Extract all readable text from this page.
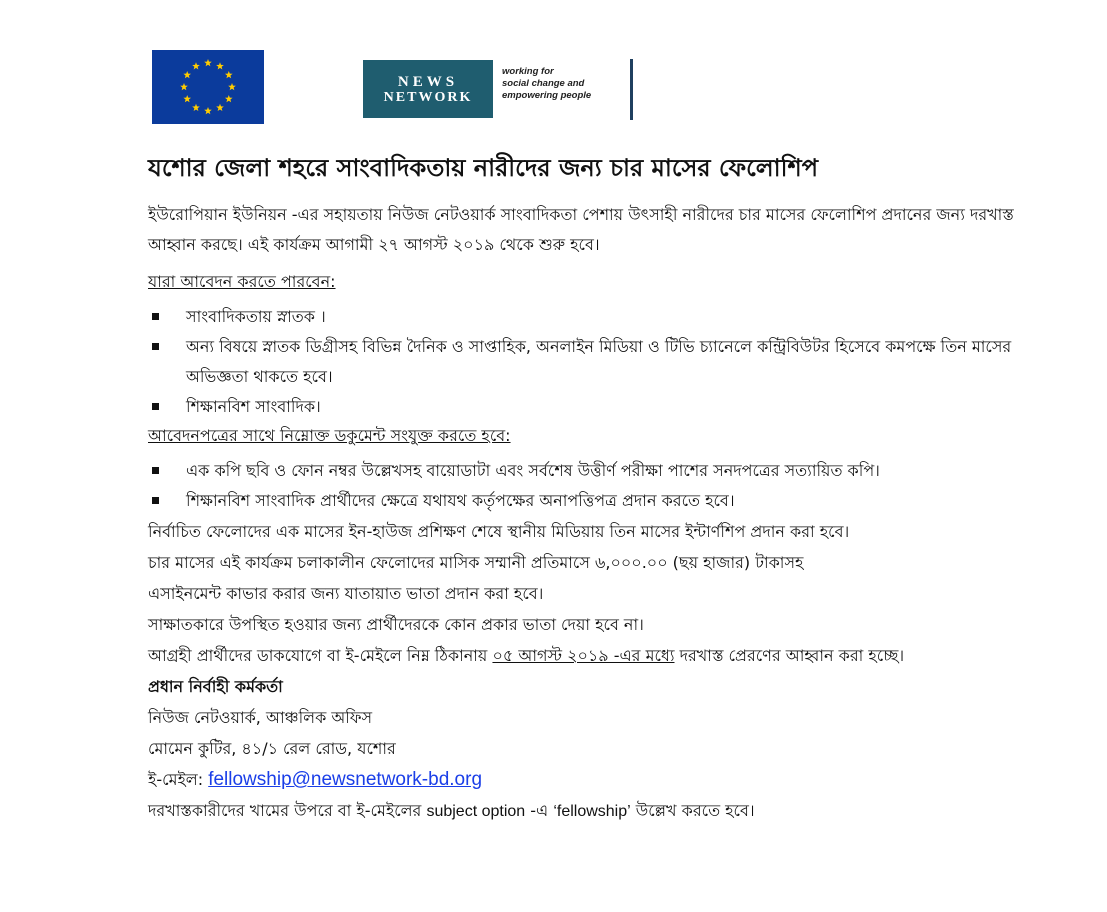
NEWS
NETWORK
working for
social change and
empowering people
যশোর জেলা শহরে সাংবাদিকতায় নারীদের জন্য চার মাসের ফেলোশিপ
ইউরোপিয়ান ইউনিয়ন -এর সহায়তায় নিউজ নেটওয়ার্ক সাংবাদিকতা পেশায় উৎসাহী নারীদের চার মাসের ফেলোশিপ প্রদানের জন্য দরখাস্ত আহ্বান করছে। এই কার্যক্রম আগামী ২৭ আগস্ট ২০১৯ থেকে শুরু হবে।
যারা আবেদন করতে পারবেন:
সাংবাদিকতায় স্নাতক ।
অন্য বিষয়ে স্নাতক ডিগ্রীসহ বিভিন্ন দৈনিক ও সাপ্তাহিক, অনলাইন মিডিয়া ও টিভি চ্যানেলে কন্ট্রিবিউটর হিসেবে কমপক্ষে তিন মাসের অভিজ্ঞতা থাকতে হবে।
শিক্ষানবিশ সাংবাদিক।
আবেদনপত্রের সাথে নিম্নোক্ত ডকুমেন্ট সংযুক্ত করতে হবে:
এক কপি ছবি ও ফোন নম্বর উল্লেখসহ বায়োডাটা এবং সর্বশেষ উত্তীর্ণ পরীক্ষা পাশের সনদপত্রের সত্যায়িত কপি।
শিক্ষানবিশ সাংবাদিক প্রার্থীদের ক্ষেত্রে যথাযথ কর্তৃপক্ষের অনাপত্তিপত্র প্রদান করতে হবে।
নির্বাচিত ফেলোদের এক মাসের ইন-হাউজ প্রশিক্ষণ শেষে স্থানীয় মিডিয়ায় তিন মাসের ইন্টার্ণশিপ প্রদান করা হবে।
চার মাসের এই কার্যক্রম চলাকালীন ফেলোদের মাসিক সম্মানী প্রতিমাসে ৬,০০০.০০ (ছয় হাজার) টাকাসহ
এসাইনমেন্ট কাভার করার জন্য যাতায়াত ভাতা প্রদান করা হবে।
সাক্ষাতকারে উপস্থিত হওয়ার জন্য প্রার্থীদেরকে কোন প্রকার ভাতা দেয়া হবে না।
আগ্রহী প্রার্থীদের ডাকযোগে বা ই-মেইলে নিম্ন ঠিকানায় ০৫ আগস্ট ২০১৯ -এর মধ্যে দরখাস্ত প্রেরণের আহ্বান করা হচ্ছে।
প্রধান নির্বাহী কর্মকর্তা
নিউজ নেটওয়ার্ক, আঞ্চলিক অফিস
মোমেন কুটির, ৪১/১ রেল রোড, যশোর
ই-মেইল: fellowship@newsnetwork-bd.org
দরখাস্তকারীদের খামের উপরে বা ই-মেইলের subject option -এ ‘fellowship’ উল্লেখ করতে হবে।
